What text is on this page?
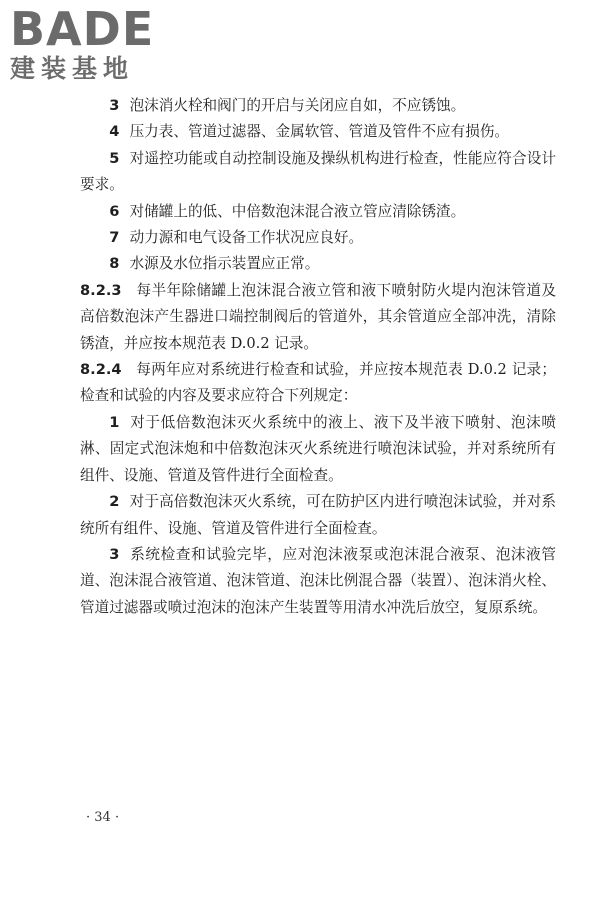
BADE
建装基地

3 泡沫消火栓和阀门的开启与关闭应自如，不应锈蚀。

4 压力表、管道过滤器、金属软管、管道及管件不应有损伤。

5 对遥控功能或自动控制设施及操纵机构进行检查，性能应符合设计要求。

6 对储罐上的低、中倍数泡沫混合液立管应清除锈渣。

7 动力源和电气设备工作状况应良好。

8 水源及水位指示装置应正常。

8.2.3 每半年除储罐上泡沫混合液立管和液下喷射防火堤内泡沫管道及高倍数泡沫产生器进口端控制阀后的管道外，其余管道应全部冲洗，清除锈渣，并应按本规范表 D.0.2 记录。

8.2.4 每两年应对系统进行检查和试验，并应按本规范表 D.0.2 记录；检查和试验的内容及要求应符合下列规定：

1 对于低倍数泡沫灭火系统中的液上、液下及半液下喷射、泡沫喷淋、固定式泡沫炮和中倍数泡沫灭火系统进行喷泡沫试验，并对系统所有组件、设施、管道及管件进行全面检查。

2 对于高倍数泡沫灭火系统，可在防护区内进行喷泡沫试验，并对系统所有组件、设施、管道及管件进行全面检查。

3 系统检查和试验完毕，应对泡沫液泵或泡沫混合液泵、泡沫液管道、泡沫混合液管道、泡沫管道、泡沫比例混合器（装置）、泡沫消火栓、管道过滤器或喷过泡沫的泡沫产生装置等用清水冲洗后放空，复原系统。

· 34 ·
